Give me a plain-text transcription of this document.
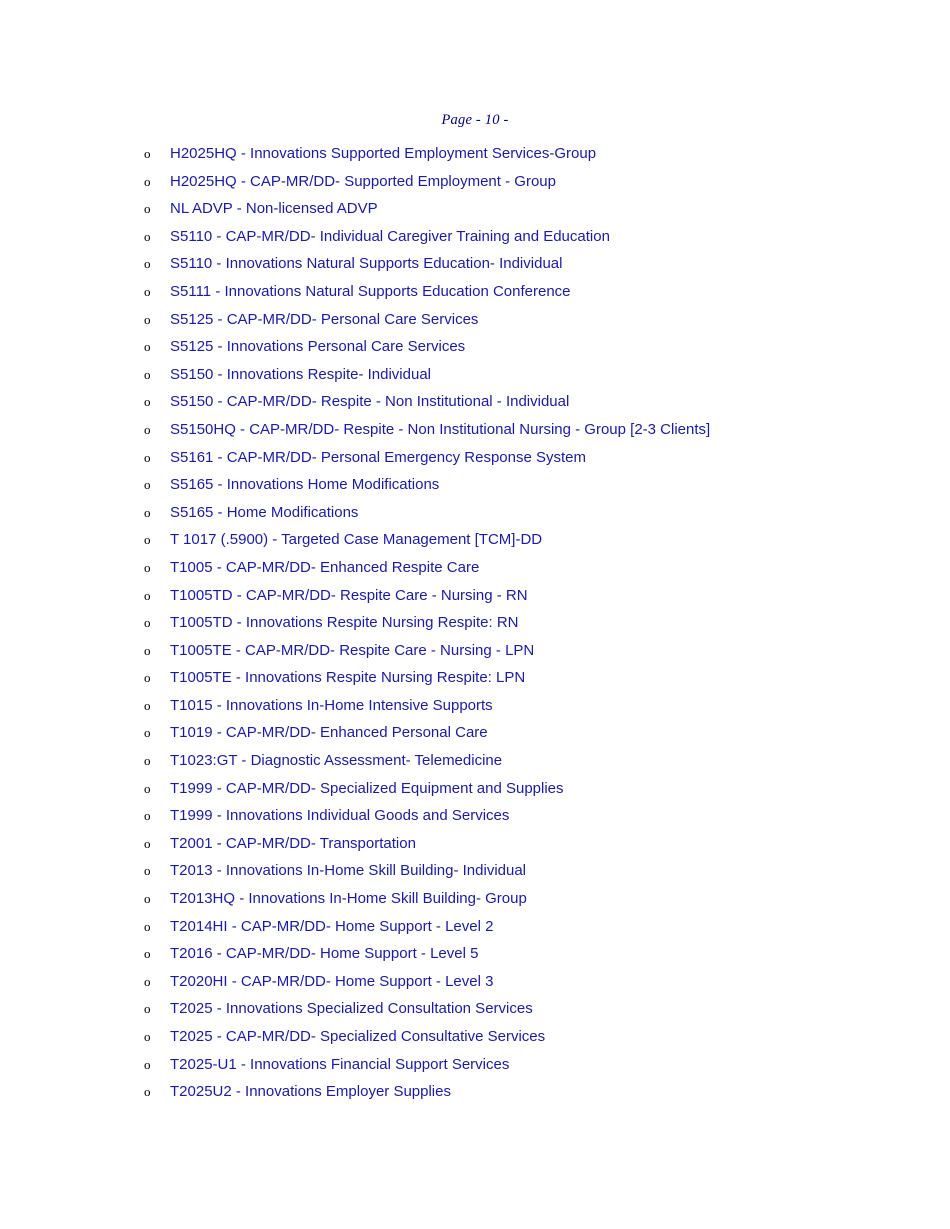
Page - 10 -
o H2025HQ - Innovations Supported Employment Services-Group
o H2025HQ - CAP-MR/DD- Supported Employment - Group
o NL ADVP - Non-licensed ADVP
o S5110 - CAP-MR/DD- Individual Caregiver Training and Education
o S5110 - Innovations Natural Supports Education- Individual
o S5111 - Innovations Natural Supports Education Conference
o S5125 - CAP-MR/DD- Personal Care Services
o S5125 - Innovations Personal Care Services
o S5150 - Innovations Respite- Individual
o S5150 - CAP-MR/DD- Respite - Non Institutional - Individual
o S5150HQ - CAP-MR/DD- Respite - Non Institutional Nursing - Group [2-3 Clients]
o S5161 - CAP-MR/DD- Personal Emergency Response System
o S5165 - Innovations Home Modifications
o S5165 - Home Modifications
o T 1017 (.5900) - Targeted Case Management [TCM]-DD
o T1005 - CAP-MR/DD- Enhanced Respite Care
o T1005TD - CAP-MR/DD- Respite Care - Nursing - RN
o T1005TD - Innovations Respite Nursing Respite: RN
o T1005TE - CAP-MR/DD- Respite Care - Nursing - LPN
o T1005TE - Innovations Respite Nursing Respite: LPN
o T1015 - Innovations In-Home Intensive Supports
o T1019 - CAP-MR/DD- Enhanced Personal Care
o T1023:GT - Diagnostic Assessment- Telemedicine
o T1999 - CAP-MR/DD- Specialized Equipment and Supplies
o T1999 - Innovations Individual Goods and Services
o T2001 - CAP-MR/DD- Transportation
o T2013 - Innovations In-Home Skill Building- Individual
o T2013HQ - Innovations In-Home Skill Building- Group
o T2014HI - CAP-MR/DD- Home Support - Level 2
o T2016 - CAP-MR/DD- Home Support - Level 5
o T2020HI - CAP-MR/DD- Home Support - Level 3
o T2025 - Innovations Specialized Consultation Services
o T2025 - CAP-MR/DD- Specialized Consultative Services
o T2025-U1 - Innovations Financial Support Services
o T2025U2 - Innovations Employer Supplies
